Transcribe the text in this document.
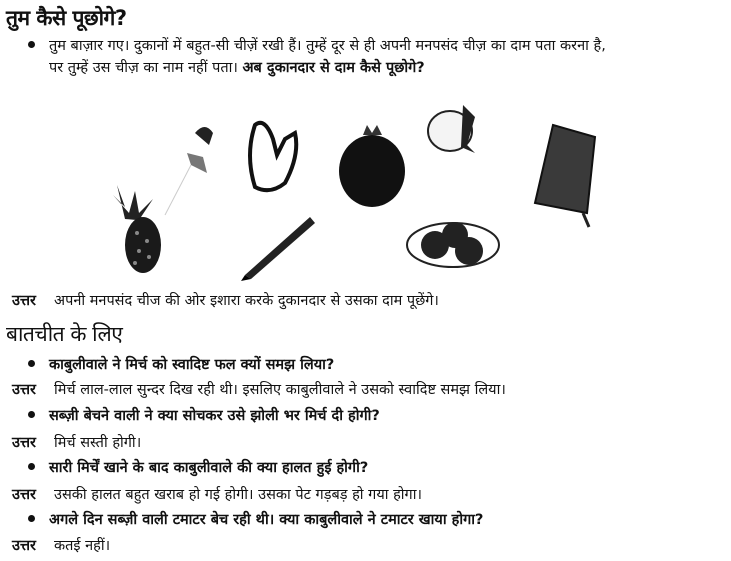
तुम कैसे पूछोगे?
तुम बाज़ार गए। दुकानों में बहुत-सी चीज़ें रखी हैं। तुम्हें दूर से ही अपनी मनपसंद चीज़ का दाम पता करना है,
पर तुम्हें उस चीज़ का नाम नहीं पता। अब दुकानदार से दाम कैसे पूछोगे?
उत्तर अपनी मनपसंद चीज की ओर इशारा करके दुकानदार से उसका दाम पूछेंगे।
बातचीत के लिए
काबुलीवाले ने मिर्च को स्वादिष्ट फल क्यों समझ लिया?
उत्तर मिर्च लाल-लाल सुन्दर दिख रही थी। इसलिए काबुलीवाले ने उसको स्वादिष्ट समझ लिया।
सब्ज़ी बेचने वाली ने क्या सोचकर उसे झोली भर मिर्च दी होगी?
उत्तर मिर्च सस्ती होगी।
सारी मिर्चें खाने के बाद काबुलीवाले की क्या हालत हुई होगी?
उत्तर उसकी हालत बहुत खराब हो गई होगी। उसका पेट गड़बड़ हो गया होगा।
अगले दिन सब्ज़ी वाली टमाटर बेच रही थी। क्या काबुलीवाले ने टमाटर खाया होगा?
उत्तर कतई नहीं।
